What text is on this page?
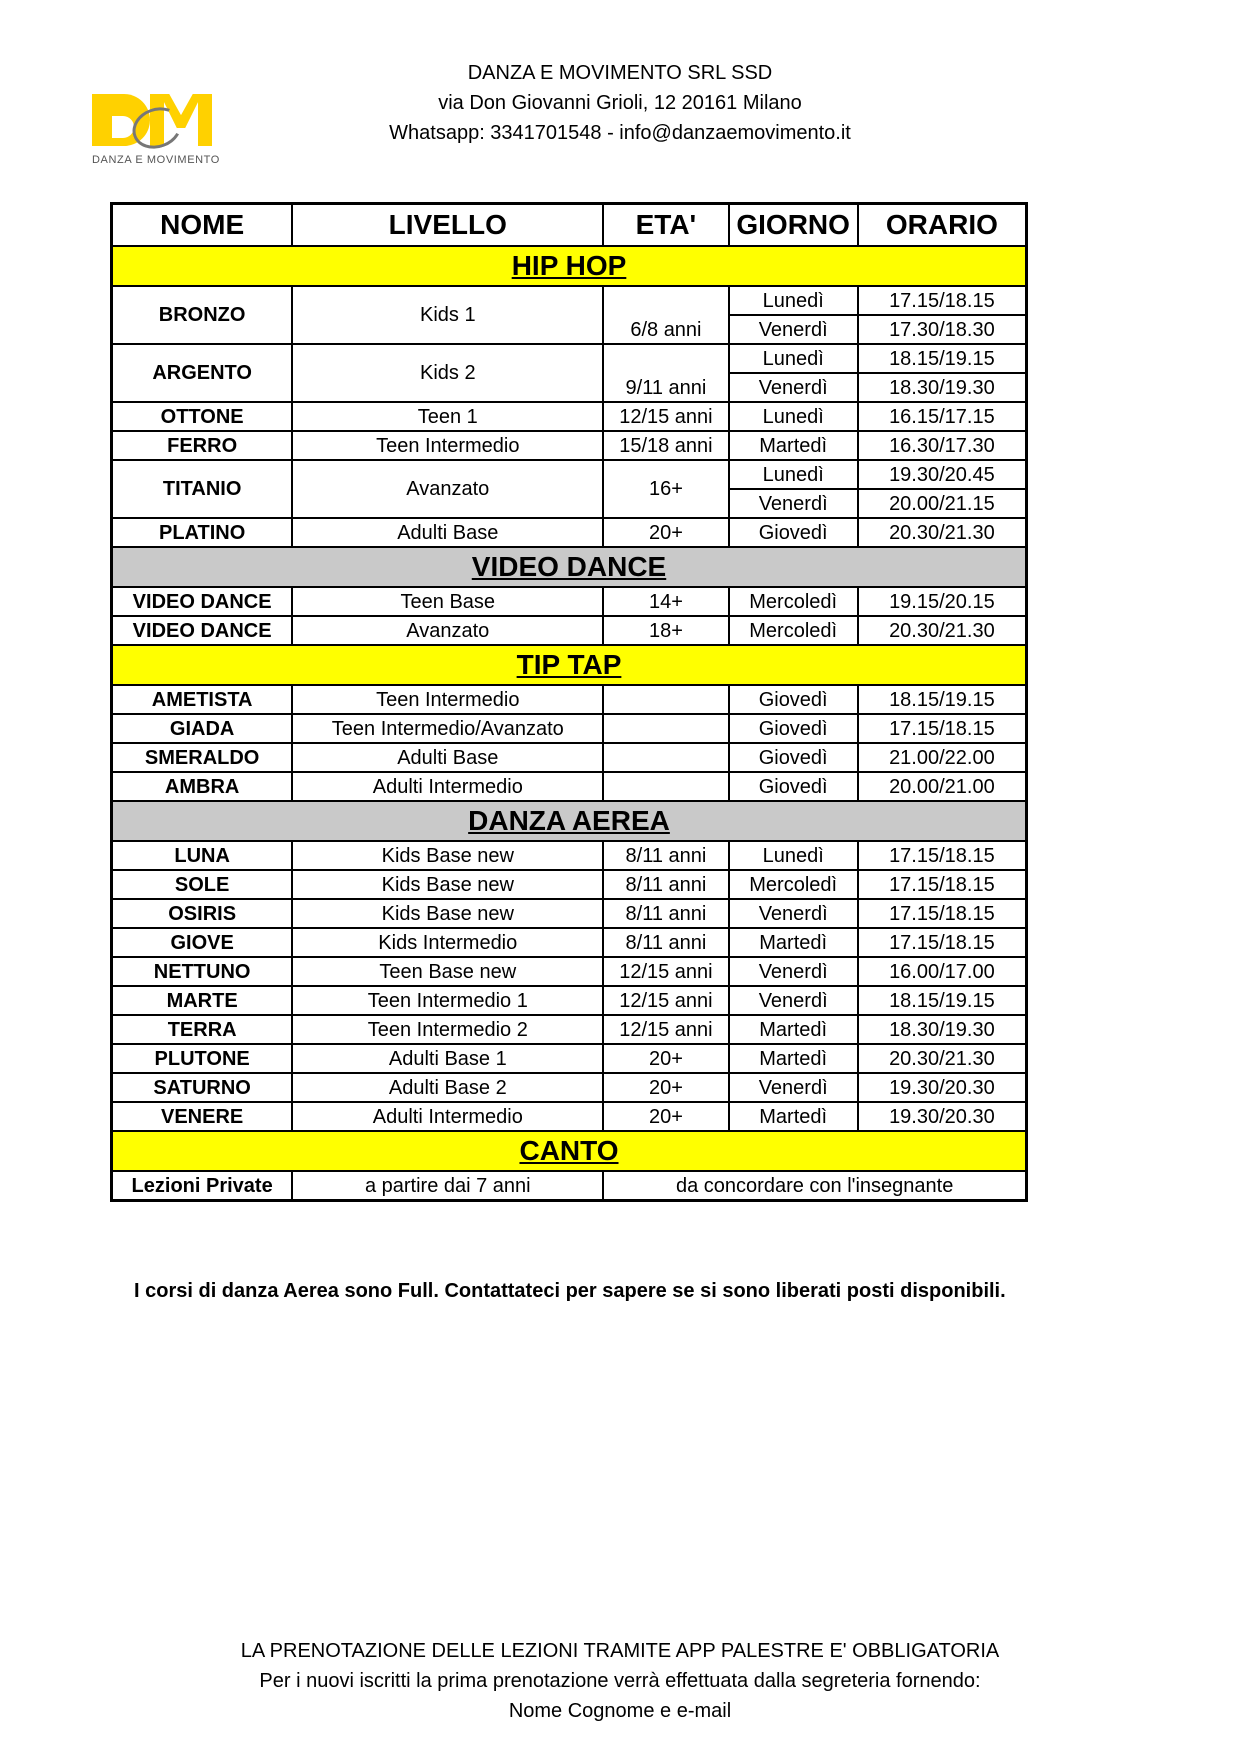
DANZA E MOVIMENTO
DANZA E MOVIMENTO SRL SSD
via Don Giovanni Grioli, 12 20161 Milano
Whatsapp: 3341701548 - info@danzaemovimento.it
NOME	LIVELLO	ETA'	GIORNO	ORARIO
HIP HOP				
BRONZO	Kids 1	6/8 anni	Lunedì	17.15/18.15
			Venerdì	17.30/18.30
ARGENTO	Kids 2	9/11 anni	Lunedì	18.15/19.15
			Venerdì	18.30/19.30
OTTONE	Teen 1	12/15 anni	Lunedì	16.15/17.15
FERRO	Teen Intermedio	15/18 anni	Martedì	16.30/17.30
TITANIO	Avanzato	16+	Lunedì	19.30/20.45
			Venerdì	20.00/21.15
PLATINO	Adulti Base	20+	Giovedì	20.30/21.30
VIDEO DANCE				
VIDEO DANCE	Teen Base	14+	Mercoledì	19.15/20.15
VIDEO DANCE	Avanzato	18+	Mercoledì	20.30/21.30
TIP TAP				
AMETISTA	Teen Intermedio		Giovedì	18.15/19.15
GIADA	Teen Intermedio/Avanzato		Giovedì	17.15/18.15
SMERALDO	Adulti Base		Giovedì	21.00/22.00
AMBRA	Adulti Intermedio		Giovedì	20.00/21.00
DANZA AEREA				
LUNA	Kids Base new	8/11 anni	Lunedì	17.15/18.15
SOLE	Kids Base new	8/11 anni	Mercoledì	17.15/18.15
OSIRIS	Kids Base new	8/11 anni	Venerdì	17.15/18.15
GIOVE	Kids Intermedio	8/11 anni	Martedì	17.15/18.15
NETTUNO	Teen Base new	12/15 anni	Venerdì	16.00/17.00
MARTE	Teen Intermedio 1	12/15 anni	Venerdì	18.15/19.15
TERRA	Teen Intermedio 2	12/15 anni	Martedì	18.30/19.30
PLUTONE	Adulti Base 1	20+	Martedì	20.30/21.30
SATURNO	Adulti Base 2	20+	Venerdì	19.30/20.30
VENERE	Adulti Intermedio	20+	Martedì	19.30/20.30
CANTO				
Lezioni Private	a partire dai 7 anni	da concordare con l'insegnante		
I corsi di danza Aerea sono Full. Contattateci per sapere se si sono liberati posti disponibili.
LA PRENOTAZIONE DELLE LEZIONI TRAMITE APP PALESTRE E' OBBLIGATORIA
Per i nuovi iscritti la prima prenotazione verrà effettuata dalla segreteria fornendo:
Nome Cognome e e-mail
